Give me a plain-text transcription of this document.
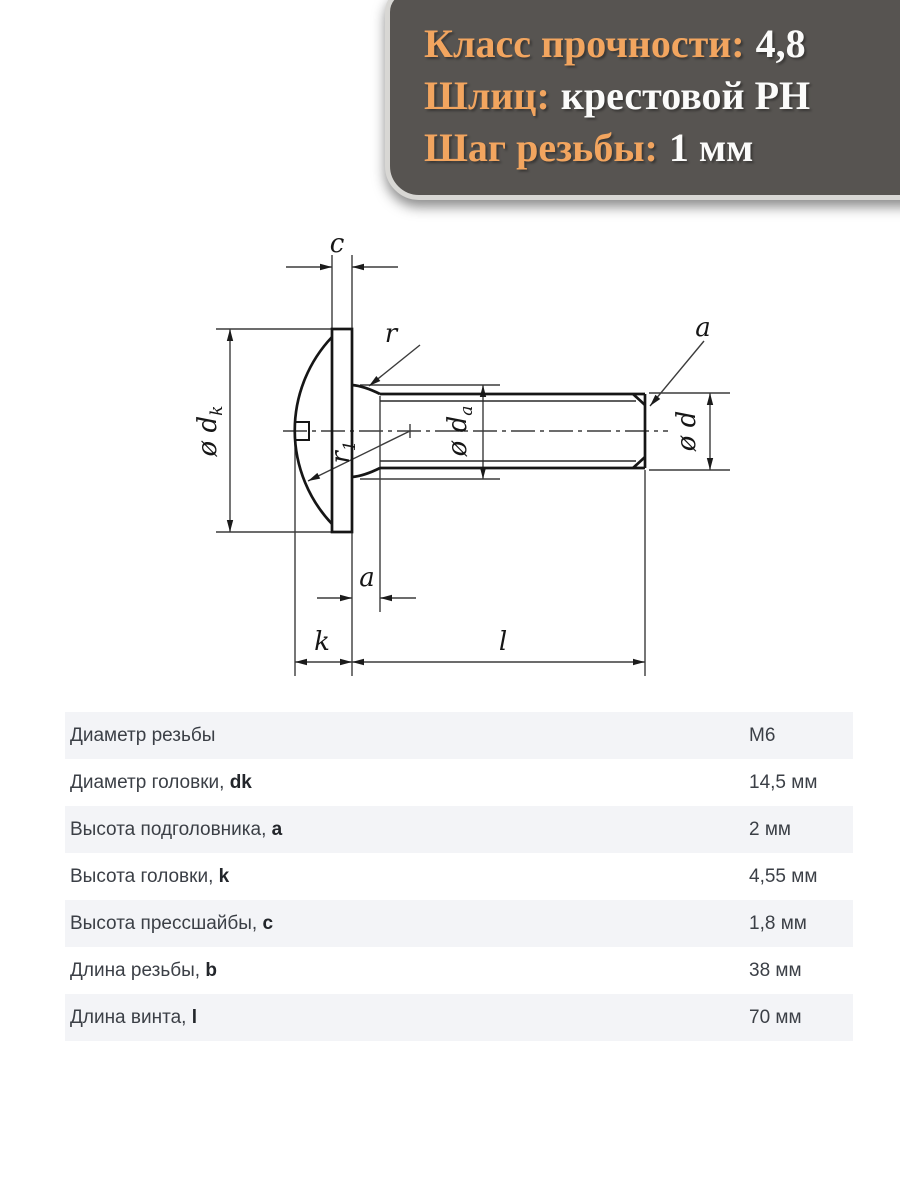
Класс прочности: 4,8
Шлиц: крестовой PH
Шаг резьбы: 1 мм
c
r	a
a
k	l
ø $d_k$
ø $d_a$	ø d
$r_1$
Диаметр резьбы	М6
Диаметр головки, dk	14,5 мм
Высота подголовника, a	2 мм
Высота головки, k	4,55 мм
Высота прессшайбы, c	1,8 мм
Длина резьбы, b	38 мм
Длина винта, l	70 мм
